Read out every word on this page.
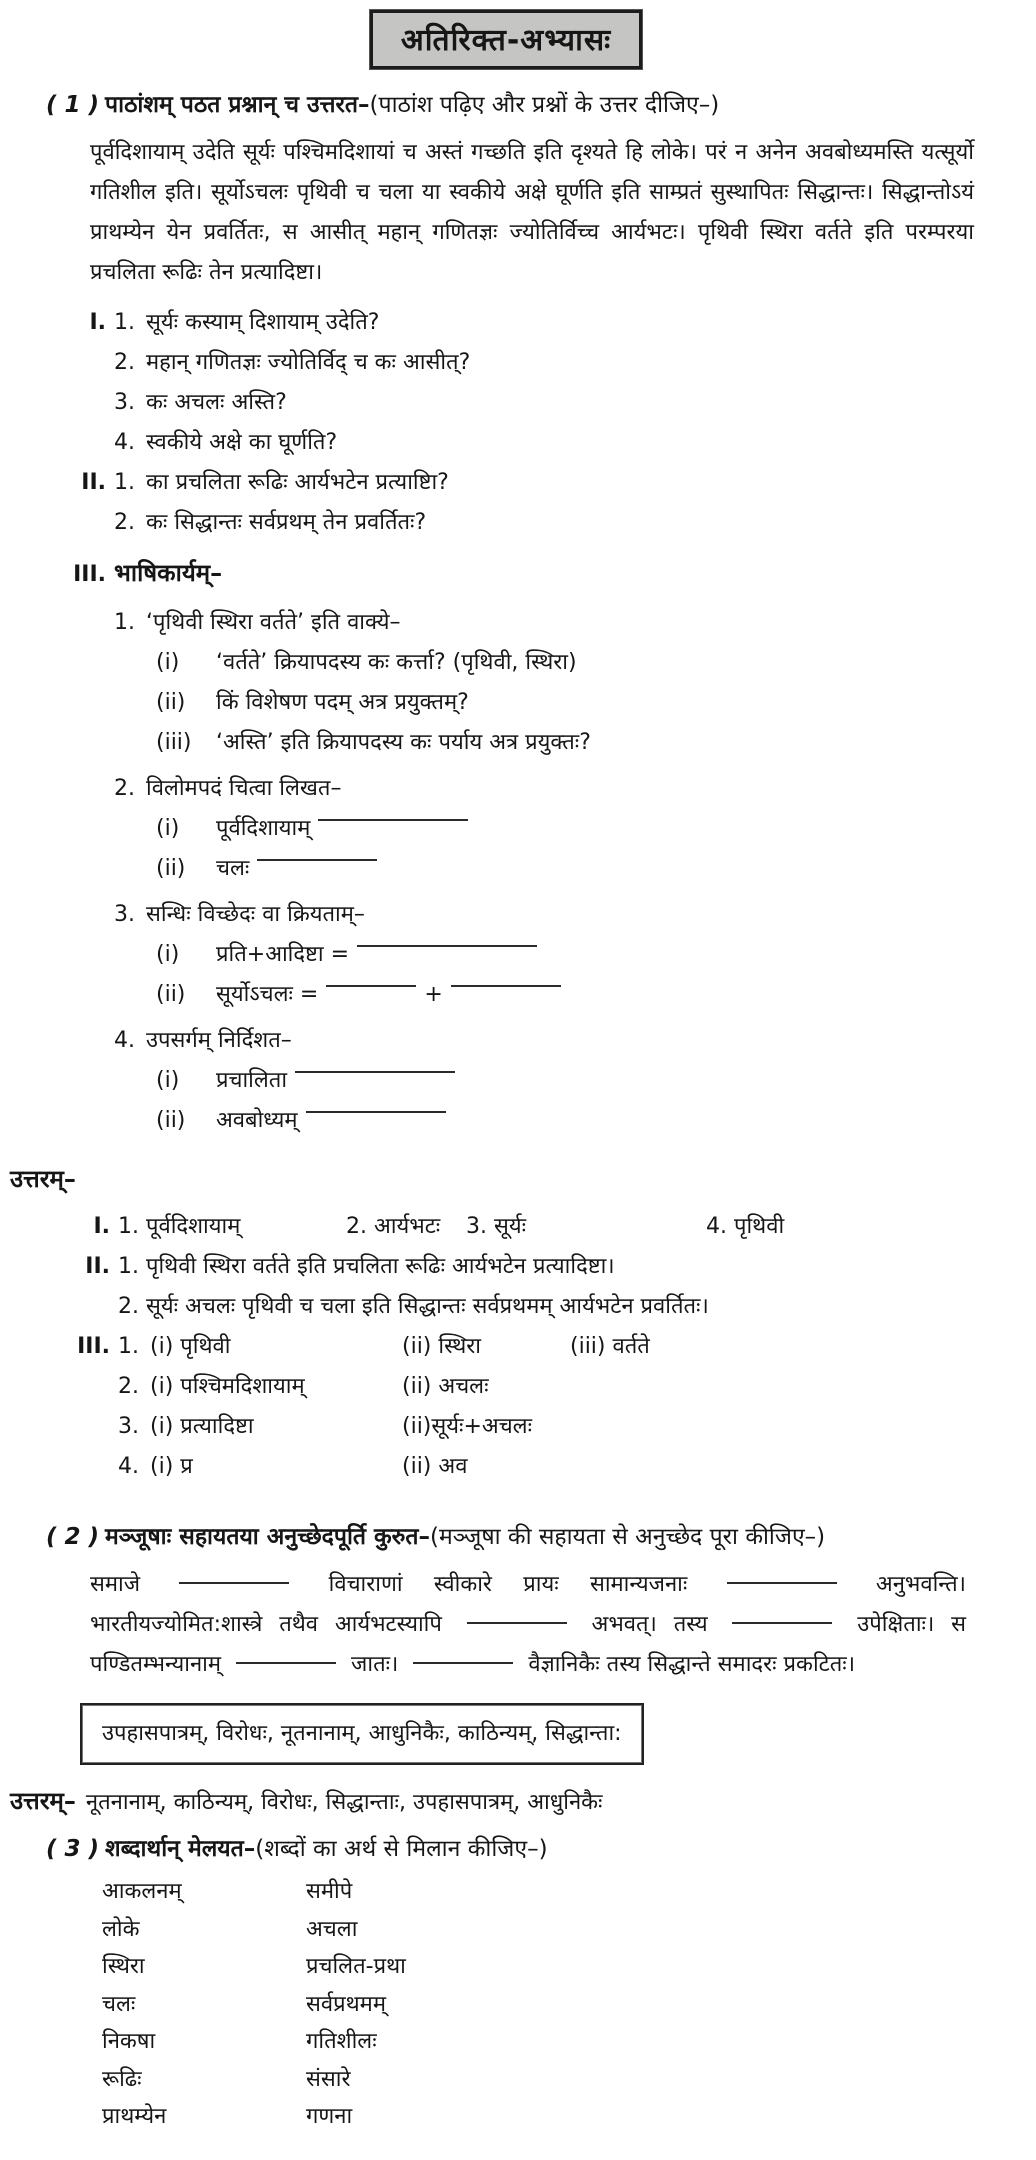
अतिरिक्त-अभ्यासः
( 1 ) पाठांशम् पठत प्रश्नान् च उत्तरत–(पाठांश पढ़िए और प्रश्नों के उत्तर दीजिए–)

पूर्वदिशायाम् उदेति सूर्यः पश्चिमदिशायां च अस्तं गच्छति इति दृश्यते हि लोके। परं न अनेन अवबोध्यमस्ति यत्सूर्यो गतिशील इति। सूर्योऽचलः पृथिवी च चला या स्वकीये अक्षे घूर्णति इति साम्प्रतं सुस्थापितः सिद्धान्तः। सिद्धान्तोऽयं प्राथम्येन येन प्रवर्तितः, स आसीत् महान् गणितज्ञः ज्योतिर्विच्च आर्यभटः। पृथिवी स्थिरा वर्तते इति परम्परया प्रचलिता रूढिः तेन प्रत्यादिष्टा।

I. 1. सूर्यः कस्याम् दिशायाम् उदेति?
2. महान् गणितज्ञः ज्योतिर्विद् च कः आसीत्?
3. कः अचलः अस्ति?
4. स्वकीये अक्षे का घूर्णति?
II. 1. का प्रचलिता रूढिः आर्यभटेन प्रत्याष्टिा?
2. कः सिद्धान्तः सर्वप्रथम् तेन प्रवर्तितः?
III. भाषिकार्यम्–
1. ‘पृथिवी स्थिरा वर्तते’ इति वाक्ये–
(i) ‘वर्तते’ क्रियापदस्य कः कर्त्ता? (पृथिवी, स्थिरा)
(ii) किं विशेषण पदम् अत्र प्रयुक्तम्?
(iii) ‘अस्ति’ इति क्रियापदस्य कः पर्याय अत्र प्रयुक्तः?
2. विलोमपदं चित्वा लिखत–
(i) पूर्वदिशायाम्
(ii) चलः
3. सन्धिः विच्छेदः वा क्रियताम्–
(i) प्रति+आदिष्टा =
(ii) सूर्योऽचलः =	+
4. उपसर्गम् निर्दिशत–
(i) प्रचालिता
(ii) अवबोध्यम्
उत्तरम्–
I. 1. पूर्वदिशायाम्	2. आर्यभटः 3. सूर्यः	4. पृथिवी
II. 1. पृथिवी स्थिरा वर्तते इति प्रचलिता रूढिः आर्यभटेन प्रत्यादिष्टा।
2. सूर्यः अचलः पृथिवी च चला इति सिद्धान्तः सर्वप्रथमम् आर्यभटेन प्रवर्तितः।
III. 1. (i) पृथिवी	(ii) स्थिरा	(iii) वर्तते
2. (i) पश्चिमदिशायाम्	(ii) अचलः
3. (i) प्रत्यादिष्टा	(ii)सूर्यः+अचलः
4. (i) प्र	(ii) अव
( 2 ) मञ्जूषाः सहायतया अनुच्छेदपूर्ति कुरुत–(मञ्जूषा की सहायता से अनुच्छेद पूरा कीजिए–)

समाजे	विचाराणां स्वीकारे प्रायः सामान्यजनाः	अनुभवन्ति। भारतीयज्योमित:शास्त्रे तथैव आर्यभटस्यापि	अभवत्। तस्य	उपेक्षिताः। स पण्डितम्भन्यानाम्	जातः।	वैज्ञानिकैः तस्य सिद्धान्ते समादरः प्रकटितः।

उपहासपात्रम्, विरोधः, नूतनानाम्, आधुनिकैः, काठिन्यम्, सिद्धान्ता:
उत्तरम्– नूतनानाम्, काठिन्यम्, विरोधः, सिद्धान्ताः, उपहासपात्रम्, आधुनिकैः
( 3 ) शब्दार्थान् मेलयत–(शब्दों का अर्थ से मिलान कीजिए–)
आकलनम्	समीपे
लोके	अचला
स्थिरा	प्रचलित-प्रथा
चलः	सर्वप्रथमम्
निकषा	गतिशीलः
रूढिः	संसारे
प्राथम्येन	गणना
